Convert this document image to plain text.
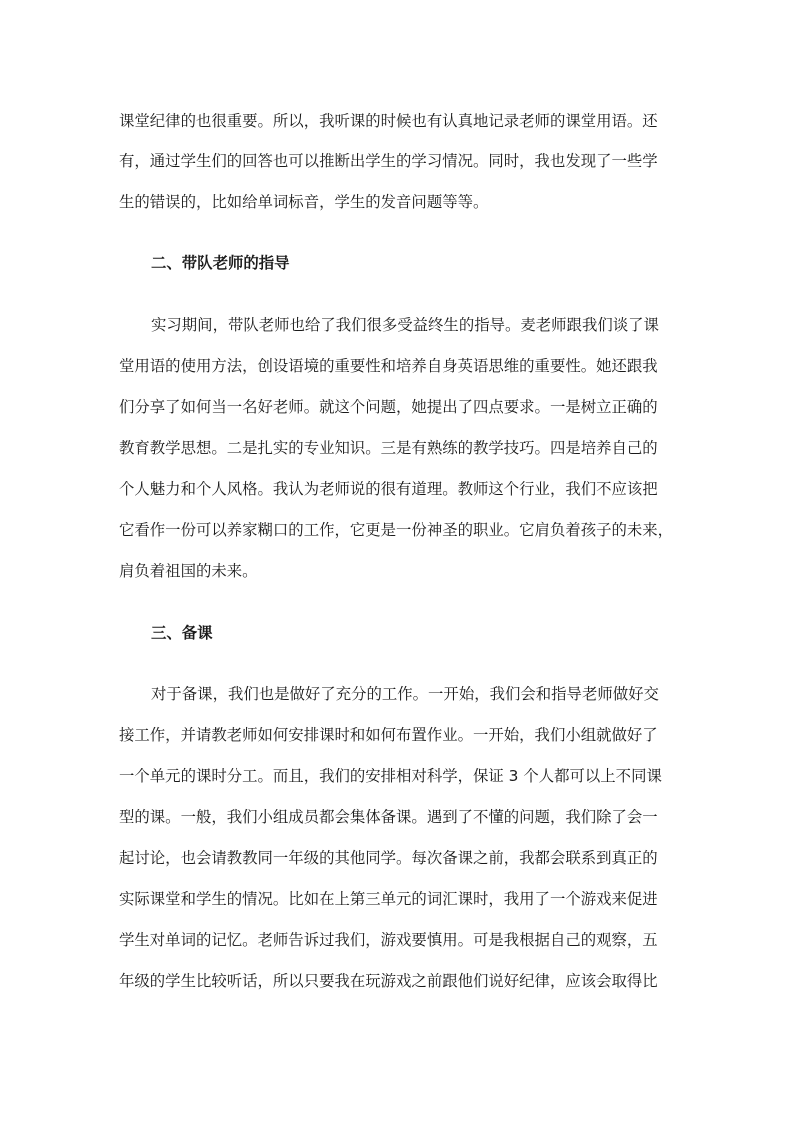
课堂纪律的也很重要。所以，我听课的时候也有认真地记录老师的课堂用语。还

有，通过学生们的回答也可以推断出学生的学习情况。同时，我也发现了一些学

生的错误的，比如给单词标音，学生的发音问题等等。

二、带队老师的指导

实习期间，带队老师也给了我们很多受益终生的指导。麦老师跟我们谈了课

堂用语的使用方法，创设语境的重要性和培养自身英语思维的重要性。她还跟我

们分享了如何当一名好老师。就这个问题，她提出了四点要求。一是树立正确的

教育教学思想。二是扎实的专业知识。三是有熟练的教学技巧。四是培养自己的

个人魅力和个人风格。我认为老师说的很有道理。教师这个行业，我们不应该把

它看作一份可以养家糊口的工作，它更是一份神圣的职业。它肩负着孩子的未来，

肩负着祖国的未来。

三、备课

对于备课，我们也是做好了充分的工作。一开始，我们会和指导老师做好交

接工作，并请教老师如何安排课时和如何布置作业。一开始，我们小组就做好了

一个单元的课时分工。而且，我们的安排相对科学，保证 3 个人都可以上不同课

型的课。一般，我们小组成员都会集体备课。遇到了不懂的问题，我们除了会一

起讨论，也会请教教同一年级的其他同学。每次备课之前，我都会联系到真正的

实际课堂和学生的情况。比如在上第三单元的词汇课时，我用了一个游戏来促进

学生对单词的记忆。老师告诉过我们，游戏要慎用。可是我根据自己的观察，五

年级的学生比较听话，所以只要我在玩游戏之前跟他们说好纪律，应该会取得比
